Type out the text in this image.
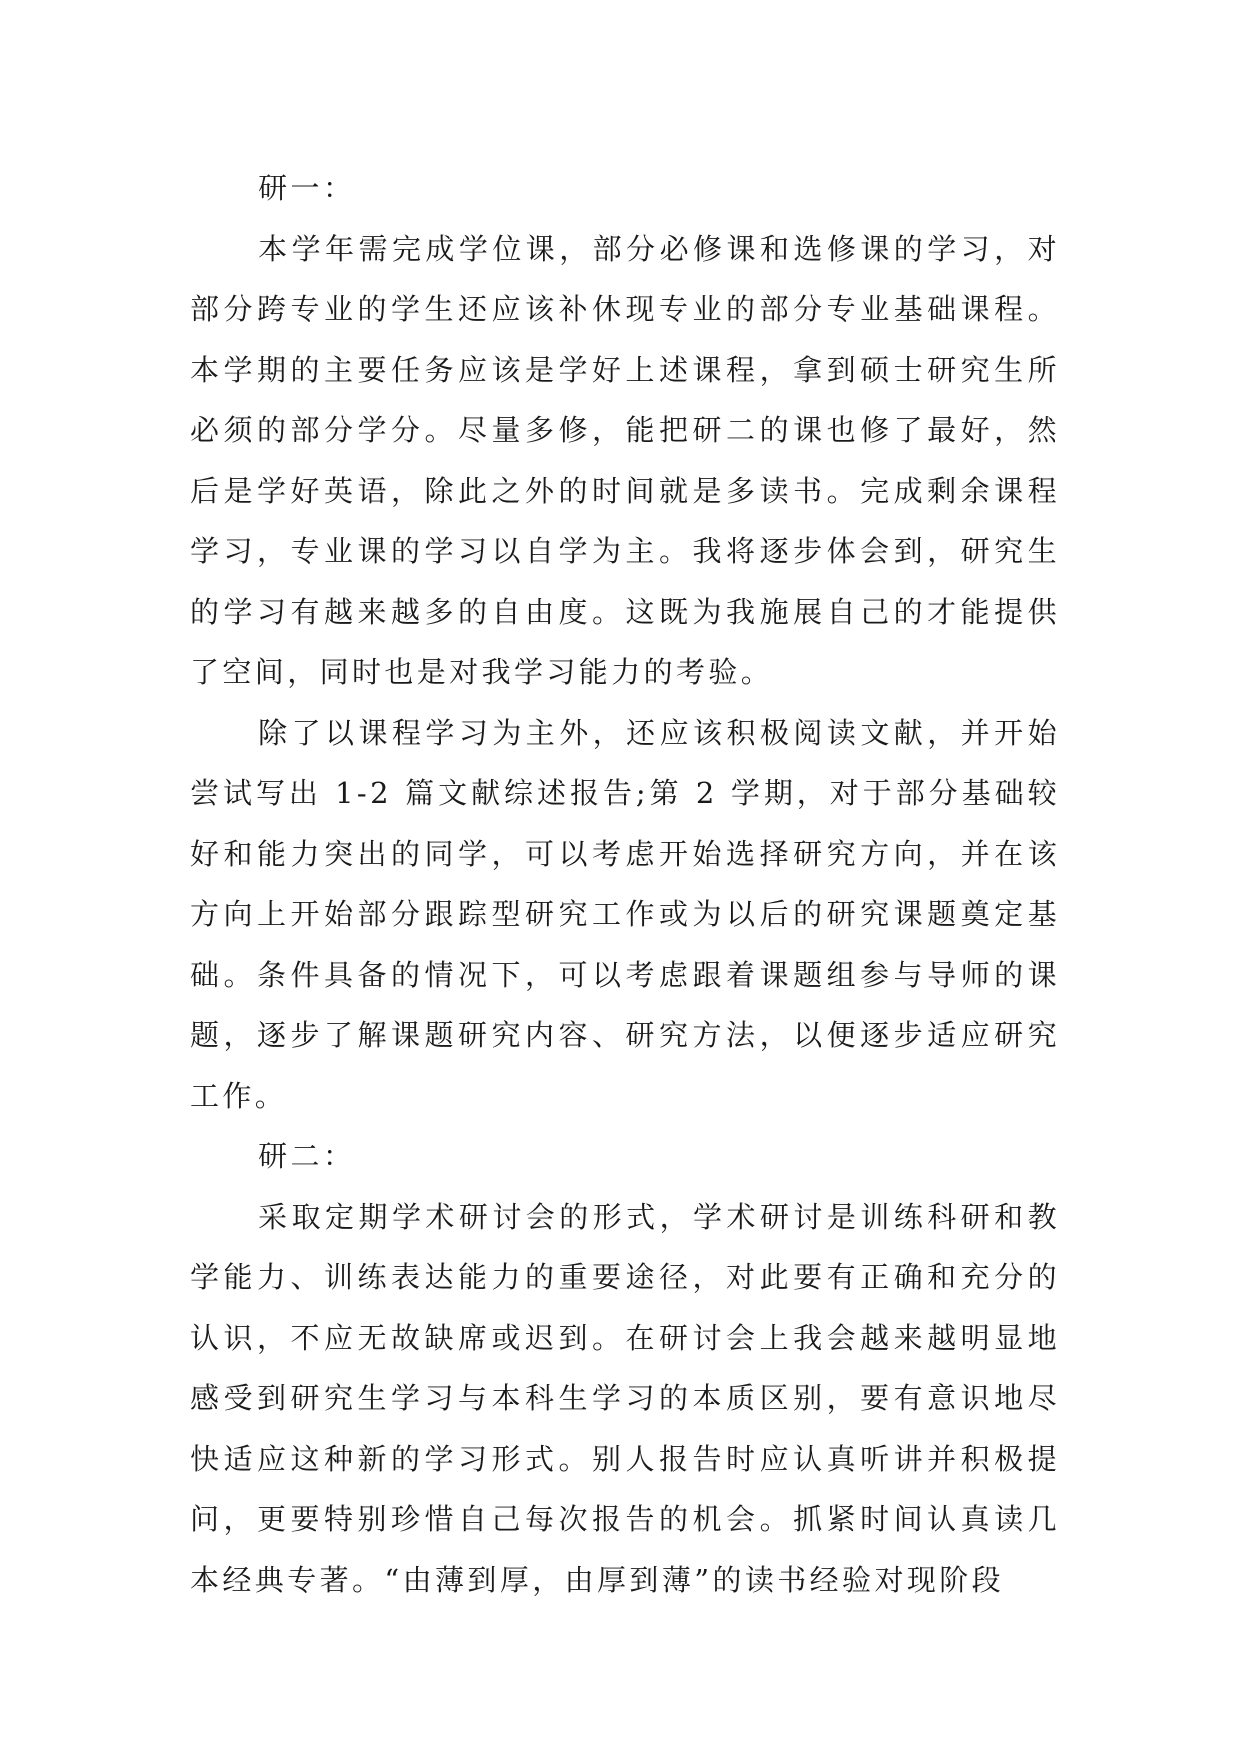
研一：

本学年需完成学位课，部分必修课和选修课的学习，对部分跨专业的学生还应该补休现专业的部分专业基础课程。本学期的主要任务应该是学好上述课程，拿到硕士研究生所必须的部分学分。尽量多修，能把研二的课也修了最好，然后是学好英语，除此之外的时间就是多读书。完成剩余课程学习，专业课的学习以自学为主。我将逐步体会到，研究生的学习有越来越多的自由度。这既为我施展自己的才能提供了空间，同时也是对我学习能力的考验。

除了以课程学习为主外，还应该积极阅读文献，并开始尝试写出 1-2 篇文献综述报告;第 2 学期，对于部分基础较好和能力突出的同学，可以考虑开始选择研究方向，并在该方向上开始部分跟踪型研究工作或为以后的研究课题奠定基础。条件具备的情况下，可以考虑跟着课题组参与导师的课题，逐步了解课题研究内容、研究方法，以便逐步适应研究工作。

研二：

采取定期学术研讨会的形式，学术研讨是训练科研和教学能力、训练表达能力的重要途径，对此要有正确和充分的认识，不应无故缺席或迟到。在研讨会上我会越来越明显地感受到研究生学习与本科生学习的本质区别，要有意识地尽快适应这种新的学习形式。别人报告时应认真听讲并积极提问，更要特别珍惜自己每次报告的机会。抓紧时间认真读几本经典专著。“由薄到厚，由厚到薄”的读书经验对现阶段
